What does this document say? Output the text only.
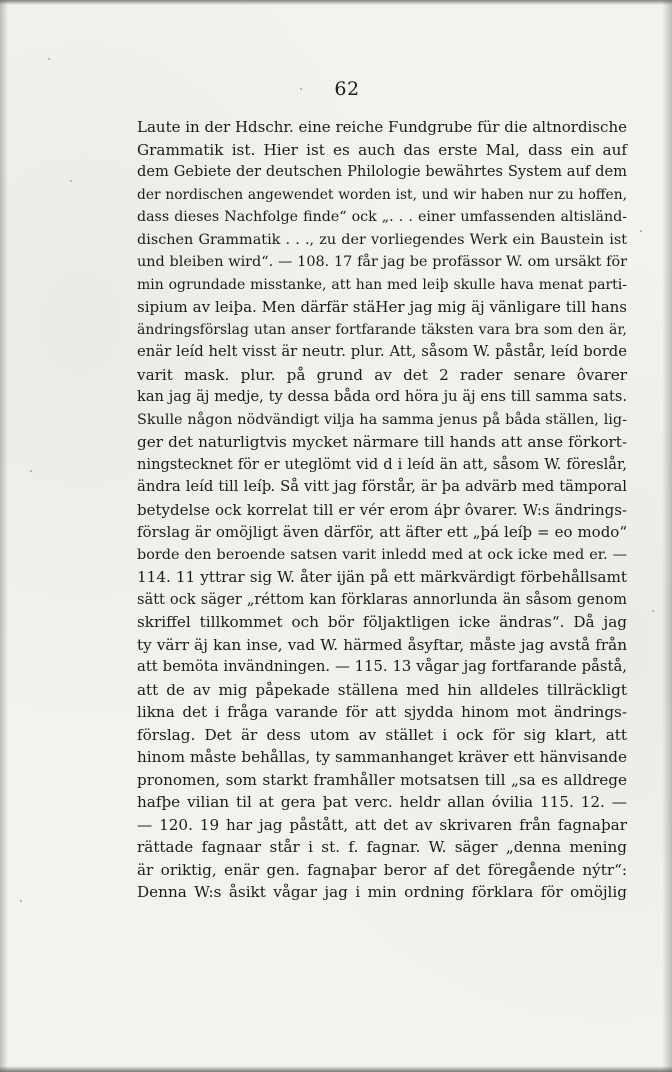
62
Laute in der Hdschr. eine reiche Fundgrube für die altnordische
Grammatik ist. Hier ist es auch das erste Mal, dass ein auf
dem Gebiete der deutschen Philologie bewährtes System auf dem
der nordischen angewendet worden ist, und wir haben nur zu hoffen,
dass dieses Nachfolge finde“ ock „. . . einer umfassenden altisländ-
dischen Grammatik . . ., zu der vorliegendes Werk ein Baustein ist
und bleiben wird“. — 108. 17 får jag be profässor W. om ursäkt för
min ogrundade misstanke, att han med leiþ skulle hava menat parti-
sipium av leiþa. Men därfär stäHer jag mig äj vänligare till hans
ändringsförslag utan anser fortfarande täksten vara bra som den är,
enär leíd helt visst är neutr. plur. Att, såsom W. påstår, leíd borde
varit mask. plur. på grund av det 2 rader senare ôvarer
kan jag äj medje, ty dessa båda ord höra ju äj ens till samma sats.
Skulle någon nödvändigt vilja ha samma jenus på båda ställen, lig-
ger det naturligtvis mycket närmare till hands att anse förkort-
ningstecknet för er uteglömt vid d i leíd än att, såsom W. föreslår,
ändra leíd till leíþ. Så vitt jag förstår, är þa advärb med tämporal
betydelse ock korrelat till er vér erom áþr ôvarer. W:s ändrings-
förslag är omöjligt även därför, att äfter ett „þá leíþ = eo modo“
borde den beroende satsen varit inledd med at ock icke med er. —
114. 11 yttrar sig W. åter ijän på ett märkvärdigt förbehållsamt
sätt ock säger „réttom kan förklaras annorlunda än såsom genom
skriffel tillkommet och bör följaktligen icke ändras“. Då jag
ty värr äj kan inse, vad W. härmed åsyftar, måste jag avstå från
att bemöta invändningen. — 115. 13 vågar jag fortfarande påstå,
att de av mig påpekade ställena med hin alldeles tillräckligt
likna det i fråga varande för att sjydda hinom mot ändrings-
förslag. Det är dess utom av stället i ock för sig klart, att
hinom måste behållas, ty sammanhanget kräver ett hänvisande
pronomen, som starkt framhåller motsatsen till „sa es alldrege
hafþe vilian til at gera þat verc. heldr allan óvilia 115. 12. —
— 120. 19 har jag påstått, att det av skrivaren från fagnaþar
rättade fagnaar står i st. f. fagnar. W. säger „denna mening
är oriktig, enär gen. fagnaþar beror af det föregående nýtr“:
Denna W:s åsikt vågar jag i min ordning förklara för omöjlig
